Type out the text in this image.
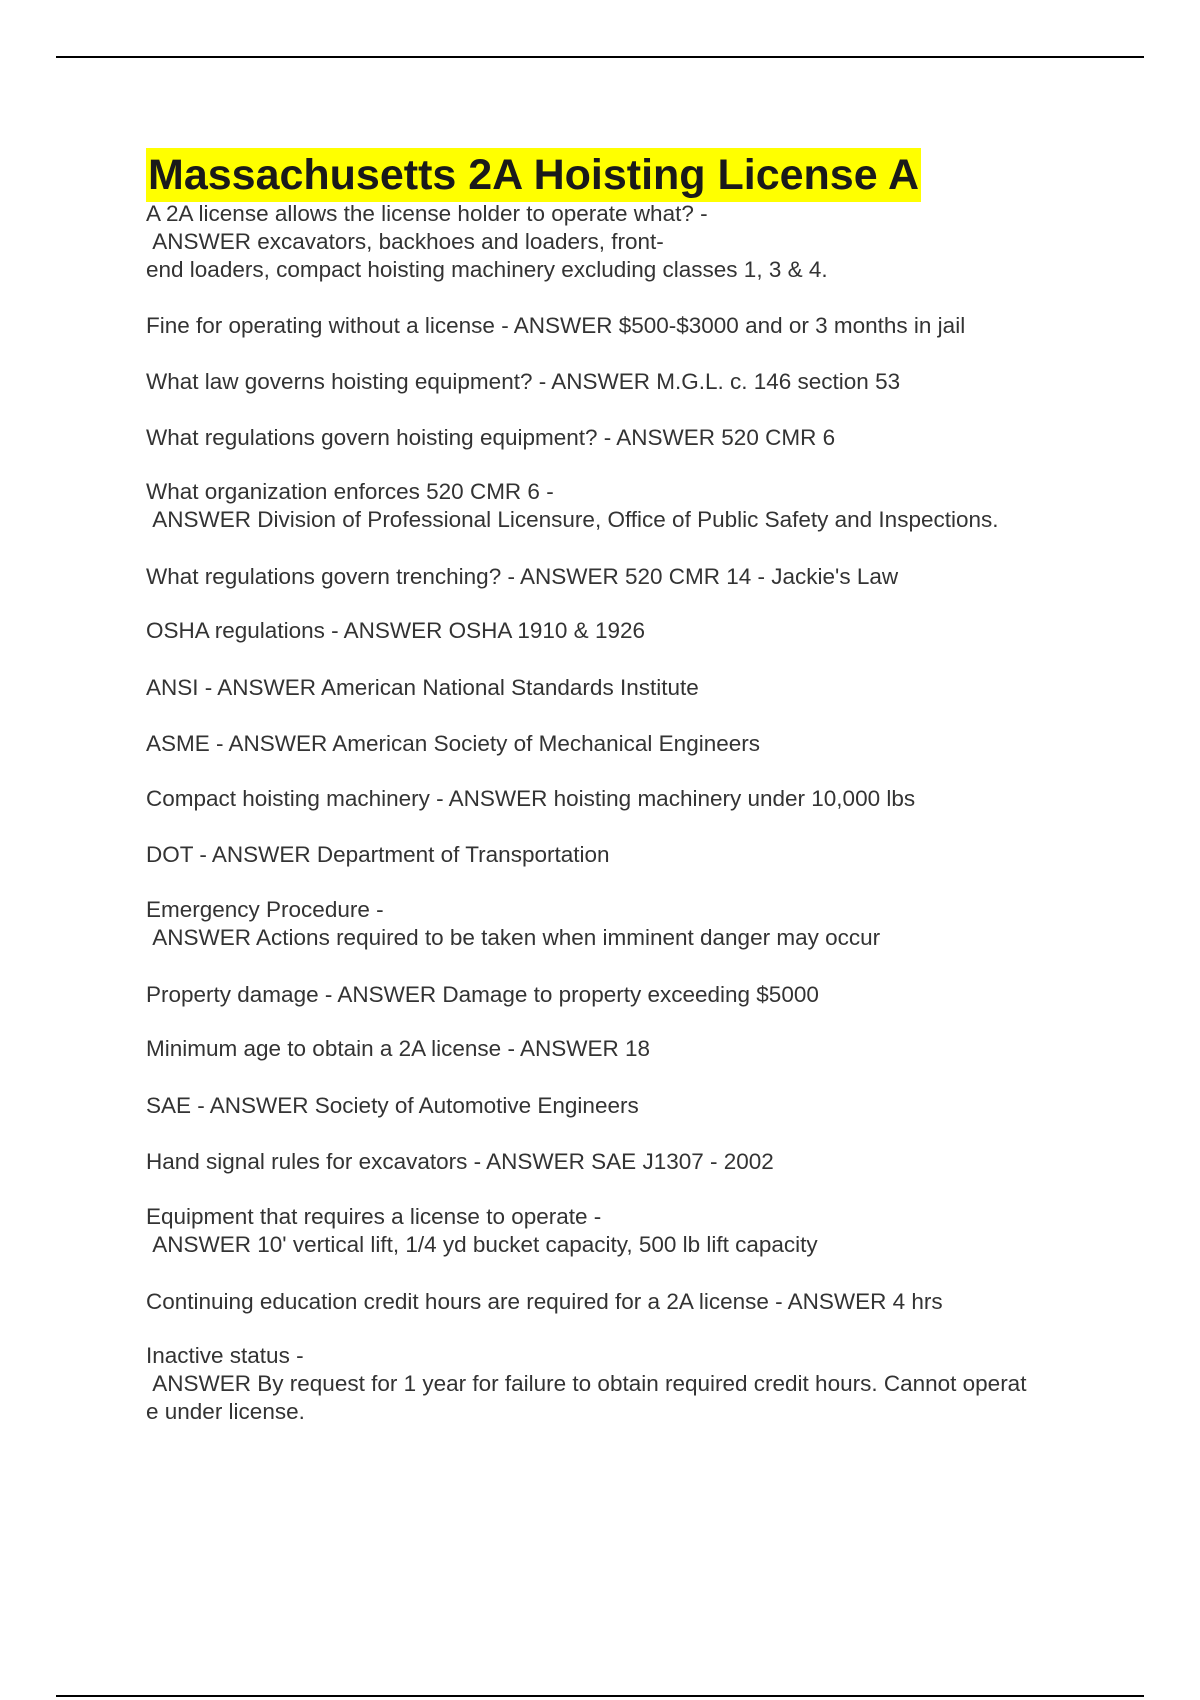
Massachusetts 2A Hoisting License A

A 2A license allows the license holder to operate what? -
ANSWER excavators, backhoes and loaders, front-
end loaders, compact hoisting machinery excluding classes 1, 3 & 4.

Fine for operating without a license - ANSWER $500-$3000 and or 3 months in jail

What law governs hoisting equipment? - ANSWER M.G.L. c. 146 section 53

What regulations govern hoisting equipment? - ANSWER 520 CMR 6

What organization enforces 520 CMR 6 -
ANSWER Division of Professional Licensure, Office of Public Safety and Inspections.

What regulations govern trenching? - ANSWER 520 CMR 14 - Jackie's Law

OSHA regulations - ANSWER OSHA 1910 & 1926

ANSI - ANSWER American National Standards Institute

ASME - ANSWER American Society of Mechanical Engineers

Compact hoisting machinery - ANSWER hoisting machinery under 10,000 lbs

DOT - ANSWER Department of Transportation

Emergency Procedure -
ANSWER Actions required to be taken when imminent danger may occur

Property damage - ANSWER Damage to property exceeding $5000

Minimum age to obtain a 2A license - ANSWER 18

SAE - ANSWER Society of Automotive Engineers

Hand signal rules for excavators - ANSWER SAE J1307 - 2002

Equipment that requires a license to operate -
ANSWER 10' vertical lift, 1/4 yd bucket capacity, 500 lb lift capacity

Continuing education credit hours are required for a 2A license - ANSWER 4 hrs

Inactive status -
ANSWER By request for 1 year for failure to obtain required credit hours. Cannot operat
e under license.
